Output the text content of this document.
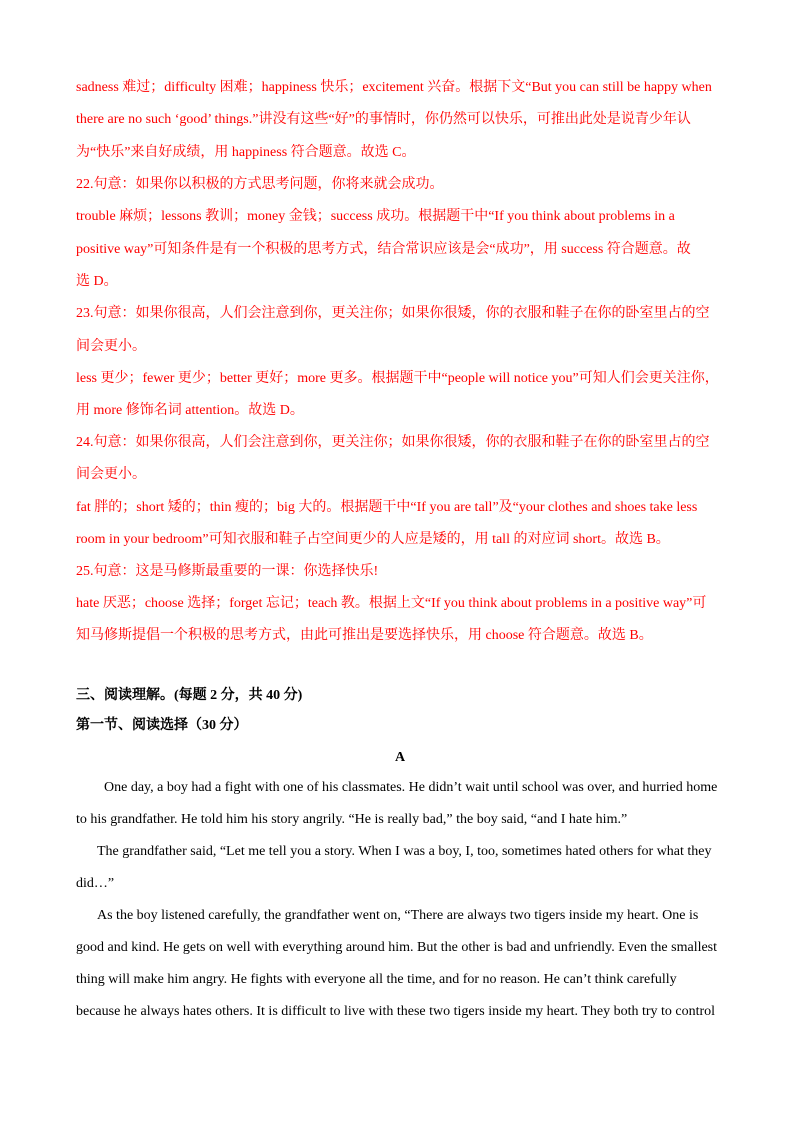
sadness 难过；difficulty 困难；happiness 快乐；excitement 兴奋。根据下文“But you can still be happy when

there are no such ‘good’ things.”讲没有这些“好”的事情时，你仍然可以快乐，可推出此处是说青少年认

为“快乐”来自好成绩，用 happiness 符合题意。故选 C。

22.句意：如果你以积极的方式思考问题，你将来就会成功。

trouble 麻烦；lessons 教训；money 金钱；success 成功。根据题干中“If you think about problems in a

positive way”可知条件是有一个积极的思考方式，结合常识应该是会“成功”，用 success 符合题意。故

选 D。

23.句意：如果你很高，人们会注意到你，更关注你；如果你很矮，你的衣服和鞋子在你的卧室里占的空

间会更小。

less 更少；fewer 更少；better 更好；more 更多。根据题干中“people will notice you”可知人们会更关注你，

用 more 修饰名词 attention。故选 D。

24.句意：如果你很高，人们会注意到你，更关注你；如果你很矮，你的衣服和鞋子在你的卧室里占的空

间会更小。

fat 胖的；short 矮的；thin 瘦的；big 大的。根据题干中“If you are tall”及“your clothes and shoes take less

room in your bedroom”可知衣服和鞋子占空间更少的人应是矮的，用 tall 的对应词 short。故选 B。

25.句意：这是马修斯最重要的一课：你选择快乐!

hate 厌恶；choose 选择；forget 忘记；teach 教。根据上文“If you think about problems in a positive way”可

知马修斯提倡一个积极的思考方式，由此可推出是要选择快乐，用 choose 符合题意。故选 B。

三、阅读理解。(每题 2 分，共 40 分)

第一节、阅读选择（30 分）

A

One day, a boy had a fight with one of his classmates. He didn’t wait until school was over, and hurried home

to his grandfather. He told him his story angrily. “He is really bad,” the boy said, “and I hate him.”

The grandfather said, “Let me tell you a story. When I was a boy, I, too, sometimes hated others for what they

did…”

As the boy listened carefully, the grandfather went on, “There are always two tigers inside my heart. One is

good and kind. He gets on well with everything around him. But the other is bad and unfriendly. Even the smallest

thing will make him angry. He fights with everyone all the time, and for no reason. He can’t think carefully

because he always hates others. It is difficult to live with these two tigers inside my heart. They both try to control
